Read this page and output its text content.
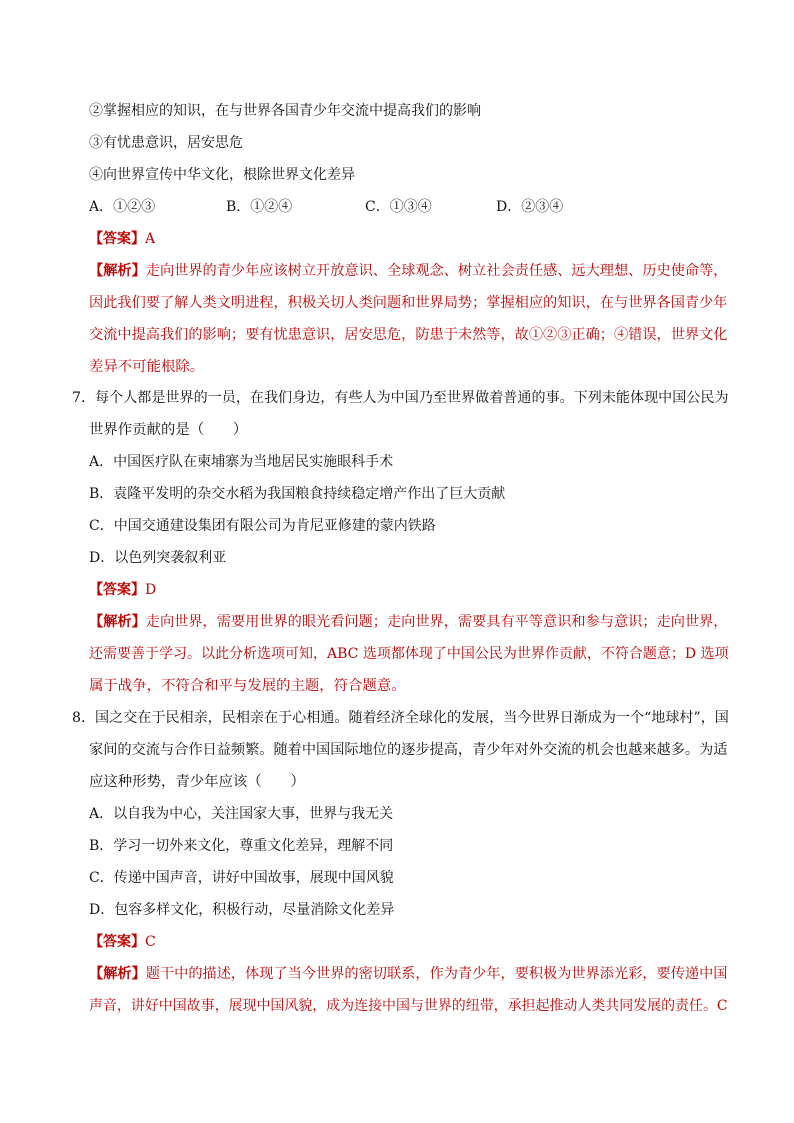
②掌握相应的知识，在与世界各国青少年交流中提高我们的影响
③有忧患意识，居安思危
④向世界宣传中华文化，根除世界文化差异
A．①②③	B．①②④	C．①③④	D．②③④
【答案】A
【解析】走向世界的青少年应该树立开放意识、全球观念、树立社会责任感、远大理想、历史使命等，
因此我们要了解人类文明进程，积极关切人类问题和世界局势；掌握相应的知识，在与世界各国青少年
交流中提高我们的影响；要有忧患意识，居安思危，防患于未然等，故①②③正确；④错误，世界文化
差异不可能根除。
7．每个人都是世界的一员，在我们身边，有些人为中国乃至世界做着普通的事。下列未能体现中国公民为
世界作贡献的是（　　）
A．中国医疗队在柬埔寨为当地居民实施眼科手术
B．袁隆平发明的杂交水稻为我国粮食持续稳定增产作出了巨大贡献
C．中国交通建设集团有限公司为肯尼亚修建的蒙内铁路
D．以色列突袭叙利亚
【答案】D
【解析】走向世界，需要用世界的眼光看问题；走向世界，需要具有平等意识和参与意识；走向世界，
还需要善于学习。以此分析选项可知，ABC 选项都体现了中国公民为世界作贡献，不符合题意；D 选项
属于战争，不符合和平与发展的主题，符合题意。
8．国之交在于民相亲，民相亲在于心相通。随着经济全球化的发展，当今世界日渐成为一个“地球村”，国
家间的交流与合作日益频繁。随着中国国际地位的逐步提高，青少年对外交流的机会也越来越多。为适
应这种形势，青少年应该（　　）
A．以自我为中心，关注国家大事，世界与我无关
B．学习一切外来文化，尊重文化差异，理解不同
C．传递中国声音，讲好中国故事，展现中国风貌
D．包容多样文化，积极行动，尽量消除文化差异
【答案】C
【解析】题干中的描述，体现了当今世界的密切联系，作为青少年，要积极为世界添光彩，要传递中国
声音，讲好中国故事，展现中国风貌，成为连接中国与世界的纽带，承担起推动人类共同发展的责任。C
